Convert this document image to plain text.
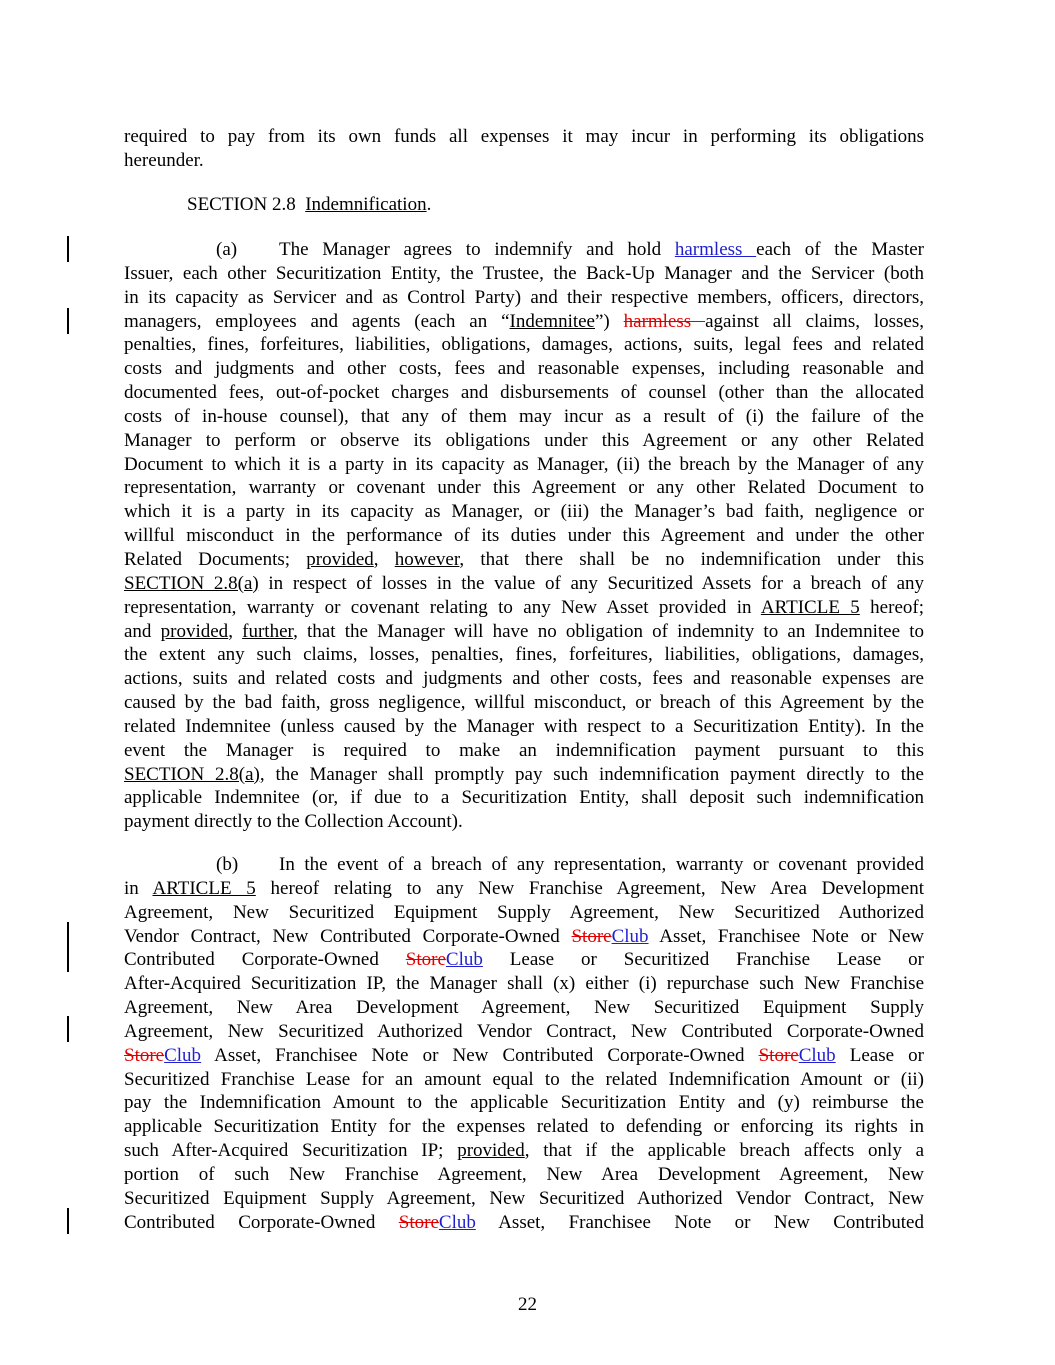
required to pay from its own funds all expenses it may incur in performing its obligations
hereunder.
SECTION 2.8 Indemnification.
(a) The Manager agrees to indemnify and hold harmless each of the Master
Issuer, each other Securitization Entity, the Trustee, the Back-Up Manager and the Servicer (both
in its capacity as Servicer and as Control Party) and their respective members, officers, directors,
managers, employees and agents (each an “Indemnitee”) harmless against all claims, losses,
penalties, fines, forfeitures, liabilities, obligations, damages, actions, suits, legal fees and related
costs and judgments and other costs, fees and reasonable expenses, including reasonable and
documented fees, out-of-pocket charges and disbursements of counsel (other than the allocated
costs of in-house counsel), that any of them may incur as a result of (i) the failure of the
Manager to perform or observe its obligations under this Agreement or any other Related
Document to which it is a party in its capacity as Manager, (ii) the breach by the Manager of any
representation, warranty or covenant under this Agreement or any other Related Document to
which it is a party in its capacity as Manager, or (iii) the Manager’s bad faith, negligence or
willful misconduct in the performance of its duties under this Agreement and under the other
Related Documents; provided, however, that there shall be no indemnification under this
SECTION 2.8(a) in respect of losses in the value of any Securitized Assets for a breach of any
representation, warranty or covenant relating to any New Asset provided in ARTICLE 5 hereof;
and provided, further, that the Manager will have no obligation of indemnity to an Indemnitee to
the extent any such claims, losses, penalties, fines, forfeitures, liabilities, obligations, damages,
actions, suits and related costs and judgments and other costs, fees and reasonable expenses are
caused by the bad faith, gross negligence, willful misconduct, or breach of this Agreement by the
related Indemnitee (unless caused by the Manager with respect to a Securitization Entity). In the
event the Manager is required to make an indemnification payment pursuant to this
SECTION 2.8(a), the Manager shall promptly pay such indemnification payment directly to the
applicable Indemnitee (or, if due to a Securitization Entity, shall deposit such indemnification
payment directly to the Collection Account).
(b) In the event of a breach of any representation, warranty or covenant provided
in ARTICLE 5 hereof relating to any New Franchise Agreement, New Area Development
Agreement, New Securitized Equipment Supply Agreement, New Securitized Authorized
Vendor Contract, New Contributed Corporate-Owned StoreClub Asset, Franchisee Note or New
Contributed Corporate-Owned StoreClub Lease or Securitized Franchise Lease or
After-Acquired Securitization IP, the Manager shall (x) either (i) repurchase such New Franchise
Agreement, New Area Development Agreement, New Securitized Equipment Supply
Agreement, New Securitized Authorized Vendor Contract, New Contributed Corporate-Owned
StoreClub Asset, Franchisee Note or New Contributed Corporate-Owned StoreClub Lease or
Securitized Franchise Lease for an amount equal to the related Indemnification Amount or (ii)
pay the Indemnification Amount to the applicable Securitization Entity and (y) reimburse the
applicable Securitization Entity for the expenses related to defending or enforcing its rights in
such After-Acquired Securitization IP; provided, that if the applicable breach affects only a
portion of such New Franchise Agreement, New Area Development Agreement, New
Securitized Equipment Supply Agreement, New Securitized Authorized Vendor Contract, New
Contributed Corporate-Owned StoreClub Asset, Franchisee Note or New Contributed
22
